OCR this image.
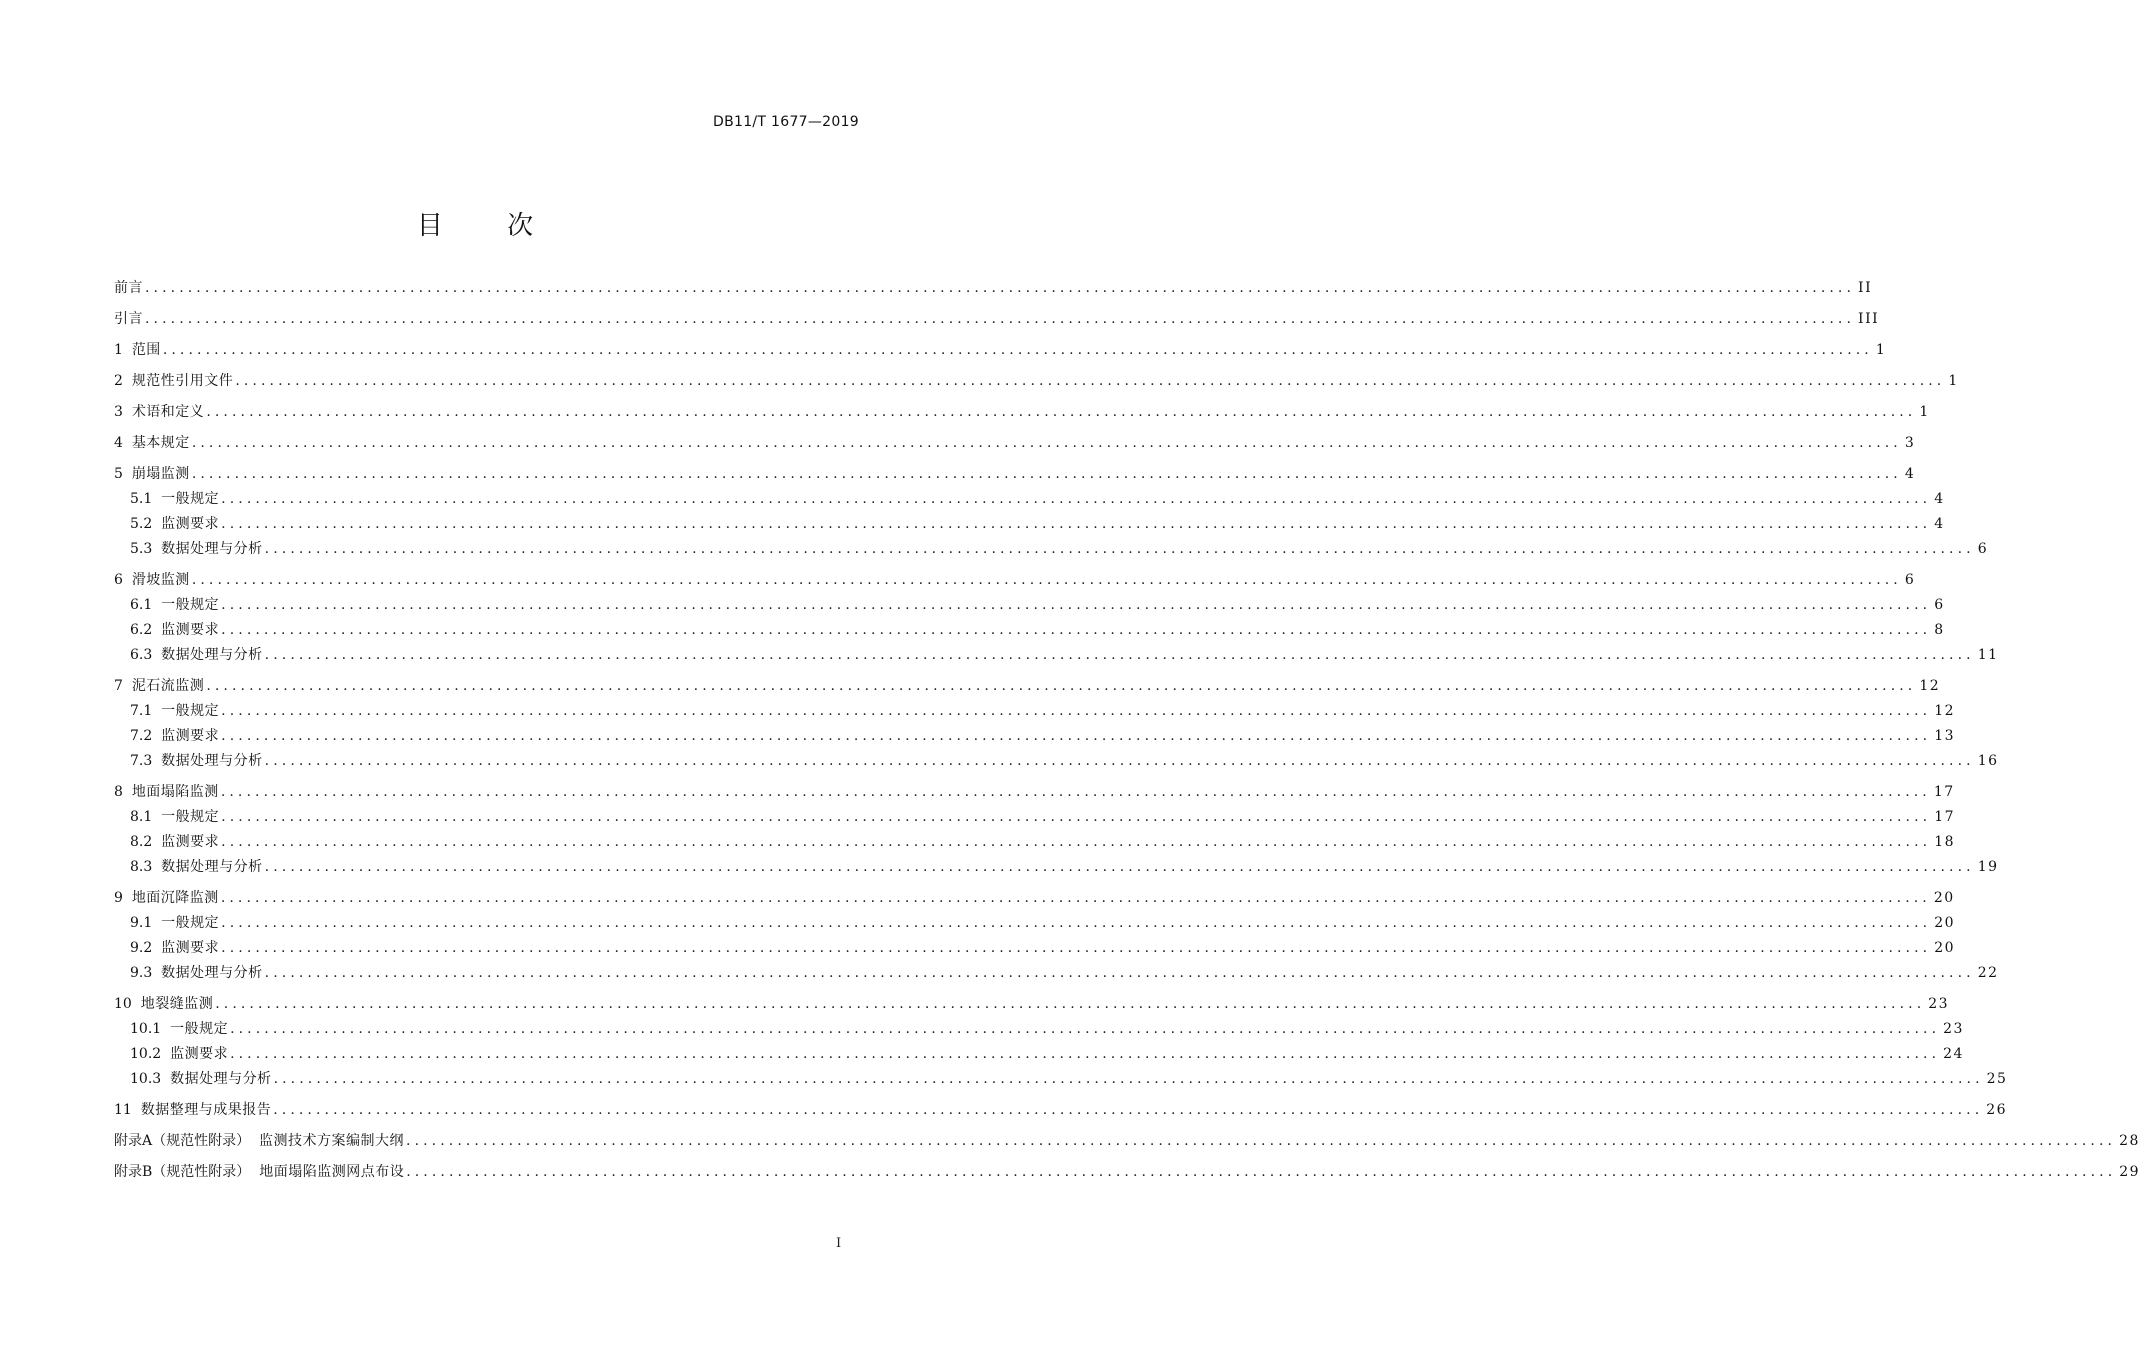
DB11/T 1677—2019
目 次
前言 ........................................................................................................................................................................................................ II
引言 ........................................................................................................................................................................................................ III
1 范围 ........................................................................................................................................................................................................ 1
2 规范性引用文件 ........................................................................................................................................................................................................ 1
3 术语和定义 ........................................................................................................................................................................................................ 1
4 基本规定 ........................................................................................................................................................................................................ 3
5 崩塌监测 ........................................................................................................................................................................................................ 4
5.1 一般规定 ........................................................................................................................................................................................................ 4
5.2 监测要求 ........................................................................................................................................................................................................ 4
5.3 数据处理与分析 ........................................................................................................................................................................................................ 6
6 滑坡监测 ........................................................................................................................................................................................................ 6
6.1 一般规定 ........................................................................................................................................................................................................ 6
6.2 监测要求 ........................................................................................................................................................................................................ 8
6.3 数据处理与分析 ........................................................................................................................................................................................................ 11
7 泥石流监测 ........................................................................................................................................................................................................ 12
7.1 一般规定 ........................................................................................................................................................................................................ 12
7.2 监测要求 ........................................................................................................................................................................................................ 13
7.3 数据处理与分析 ........................................................................................................................................................................................................ 16
8 地面塌陷监测 ........................................................................................................................................................................................................ 17
8.1 一般规定 ........................................................................................................................................................................................................ 17
8.2 监测要求 ........................................................................................................................................................................................................ 18
8.3 数据处理与分析 ........................................................................................................................................................................................................ 19
9 地面沉降监测 ........................................................................................................................................................................................................ 20
9.1 一般规定 ........................................................................................................................................................................................................ 20
9.2 监测要求 ........................................................................................................................................................................................................ 20
9.3 数据处理与分析 ........................................................................................................................................................................................................ 22
10 地裂缝监测 ........................................................................................................................................................................................................ 23
10.1 一般规定 ........................................................................................................................................................................................................ 23
10.2 监测要求 ........................................................................................................................................................................................................ 24
10.3 数据处理与分析 ........................................................................................................................................................................................................ 25
11 数据整理与成果报告 ........................................................................................................................................................................................................ 26
附录A（规范性附录） 监测技术方案编制大纲 ........................................................................................................................................................................................................ 28
附录B（规范性附录） 地面塌陷监测网点布设 ........................................................................................................................................................................................................ 29
I
